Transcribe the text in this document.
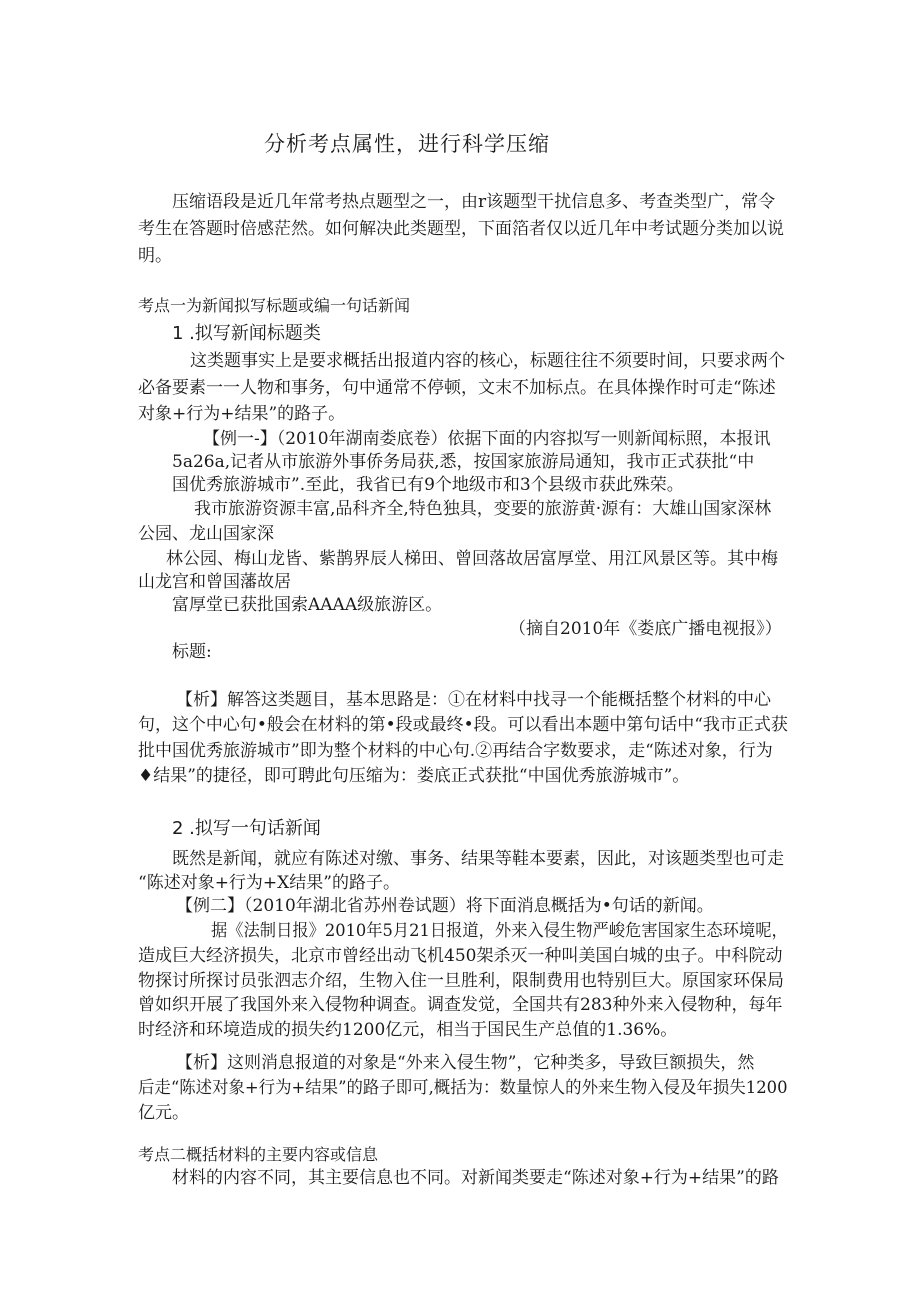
分析考点属性，进行科学压缩
压缩语段是近几年常考热点题型之一，由r该题型干扰信息多、考查类型广，常令
考生在答题时倍感茫然。如何解决此类题型，下面箔者仅以近几年中考试题分类加以说
明。
考点一为新闻拟写标题或编一句话新闻
1 .拟写新闻标题类
这类题事实上是要求概括出报道内容的核心，标题往往不须要时间，只要求两个
必备要素一一人物和事务，句中通常不停顿，文末不加标点。在具体操作时可走“陈述
对象+行为+结果”的路子。
【例一-】（2010年湖南娄底卷）依据下面的内容拟写一则新闻标照，本报讯
5a26a,记者从市旅游外事侨务局获,悉，按国家旅游局通知，我市正式获批“中
国优秀旅游城市”.至此，我省已有9个地级市和3个县级市获此殊荣。
我市旅游资源丰富,品科齐全,特色独具，变要的旅游黄·源有：大雄山国家深林
公园、龙山国家深
林公园、梅山龙皆、紫鹊界辰人梯田、曾回落故居富厚堂、用江风景区等。其中梅
山龙宫和曾国藩故居
富厚堂已获批国索AAAA级旅游区。
（摘自2010年《娄底广播电视报》）
标题:
【析】解答这类题目，基本思路是：①在材料中找寻一个能概括整个材料的中心
句，这个中心句•般会在材料的第•段或最终•段。可以看出本题中第句话中“我市正式获
批中国优秀旅游城市”即为整个材料的中心句.②再结合字数要求，走“陈述对象，行为
♦结果”的捷径，即可聘此句压缩为：娄底正式获批“中国优秀旅游城市”。
2 .拟写一句话新闻
既然是新闻，就应有陈述对缴、事务、结果等鞋本要素，因此，对该题类型也可走
“陈述对象+行为+X结果”的路子。
【例二】（2010年湖北省苏州卷试题）将下面消息概括为•句话的新闻。
据《法制日报》2010年5月21日报道，外来入侵生物严峻危害国家生态环境呢，
造成巨大经济损失，北京市曾经出动飞机450架杀灭一种叫美国白城的虫子。中科院动
物探讨所探讨员张泗志介绍，生物入住一旦胜利，限制费用也特别巨大。原国家环保局
曾如织开展了我国外来入侵物种调查。调查发觉，全国共有283种外来入侵物种，每年
时经济和环境造成的损失约1200亿元，相当于国民生产总值的1.36%。
【析】这则消息报道的对象是“外来入侵生物”，它种类多，导致巨额损失，然
后走“陈述对象+行为+结果”的路子即可,概括为：数量惊人的外来生物入侵及年损失1200
亿元。
考点二概括材料的主要内容或信息
材料的内容不同，其主要信息也不同。对新闻类要走“陈述对象+行为+结果”的路
